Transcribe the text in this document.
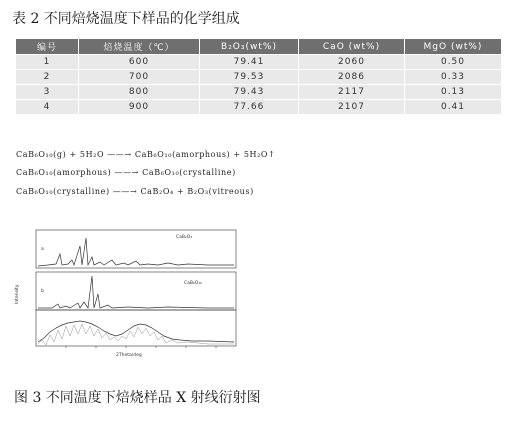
表 2 不同焙烧温度下样品的化学组成
编号	焙烧温度（℃）	B₂O₃(wt%)	CaO (wt%)	MgO (wt%)
1	600	79.41	2060	0.50
2	700	79.53	2086	0.33
3	800	79.43	2117	0.13
4	900	77.66	2107	0.41
CaB₆O₁₀(g) + 5H₂O ——→ CaB₆O₁₀(amorphous) + 5H₂O↑
CaB₆O₁₀(amorphous) ——→ CaB₆O₁₀(crystalline)
CaB₆O₁₀(crystalline) ——→ CaB₂O₄ + B₂O₃(vitreous)
CaB₂O₄
CaB₆O₁₀
a
b
2Theta/deg
Intensity
图 3 不同温度下焙烧样品 X 射线衍射图
